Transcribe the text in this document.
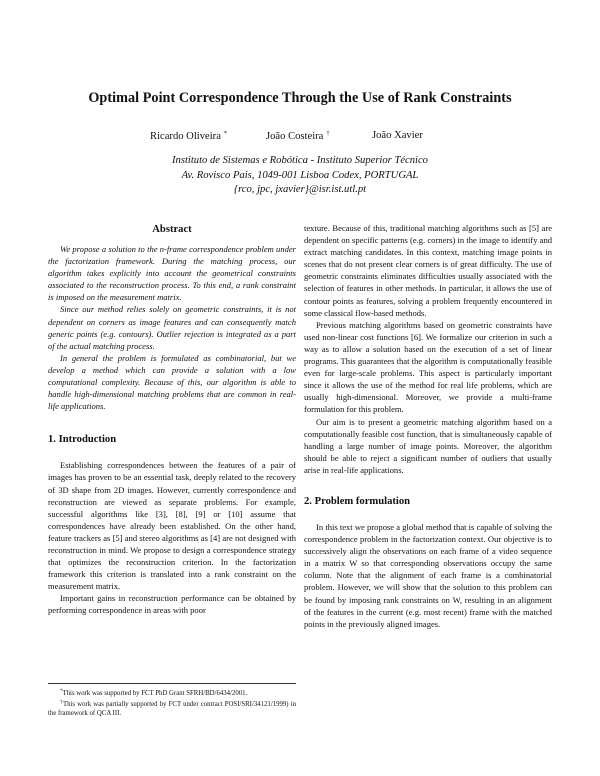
Optimal Point Correspondence Through the Use of Rank Constraints
Ricardo Oliveira *	João Costeira †	João Xavier
Instituto de Sistemas e Robótica - Instituto Superior Técnico
Av. Rovisco Pais, 1049-001 Lisboa Codex, PORTUGAL
{rco, jpc, jxavier}@isr.ist.utl.pt
Abstract

We propose a solution to the n-frame correspondence problem under the factorization framework. During the matching process, our algorithm takes explicitly into account the geometrical constraints associated to the reconstruction process. To this end, a rank constraint is imposed on the measurement matrix.

Since our method relies solely on geometric constraints, it is not dependent on corners as image features and can consequently match generic points (e.g. contours). Outlier rejection is integrated as a part of the actual matching process.

In general the problem is formulated as combinatorial, but we develop a method which can provide a solution with a low computational complexity. Because of this, our algorithm is able to handle high-dimensional matching problems that are common in real-life applications.

1. Introduction

Establishing correspondences between the features of a pair of images has proven to be an essential task, deeply related to the recovery of 3D shape from 2D images. However, currently correspondence and reconstruction are viewed as separate problems. For example, successful algorithms like [3], [8], [9] or [10] assume that correspondences have already been established. On the other hand, feature trackers as [5] and stereo algorithms as [4] are not designed with reconstruction in mind. We propose to design a correspondence strategy that optimizes the reconstruction criterion. In the factorization framework this criterion is translated into a rank constraint on the measurement matrix.

Important gains in reconstruction performance can be obtained by performing correspondence in areas with poor

texture. Because of this, traditional matching algorithms such as [5] are dependent on specific patterns (e.g. corners) in the image to identify and extract matching candidates. In this context, matching image points in scenes that do not present clear corners is of great difficulty. The use of geometric constraints eliminates difficulties usually associated with the selection of features in other methods. In particular, it allows the use of contour points as features, solving a problem frequently encountered in some classical flow-based methods.

Previous matching algorithms based on geometric constraints have used non-linear cost functions [6]. We formalize our criterion in such a way as to allow a solution based on the execution of a set of linear programs. This guarantees that the algorithm is computationally feasible even for large-scale problems. This aspect is particularly important since it allows the use of the method for real life problems, which are usually high-dimensional. Moreover, we provide a multi-frame formulation for this problem.

Our aim is to present a geometric matching algorithm based on a computationally feasible cost function, that is simultaneously capable of handling a large number of image points. Moreover, the algorithm should be able to reject a significant number of outliers that usually arise in real-life applications.

2. Problem formulation

In this text we propose a global method that is capable of solving the correspondence problem in the factorization context. Our objective is to successively align the observations on each frame of a video sequence in a matrix W so that corresponding observations occupy the same column. Note that the alignment of each frame is a combinatorial problem. However, we will show that the solution to this problem can be found by imposing rank constraints on W, resulting in an alignment of the features in the current (e.g. most recent) frame with the matched points in the previously aligned images.

*This work was supported by FCT PhD Grant SFRH/BD/6434/2001.

†This work was partially supported by FCT under contract POSI/SRI/34121/1999) in the framework of QCA III.
